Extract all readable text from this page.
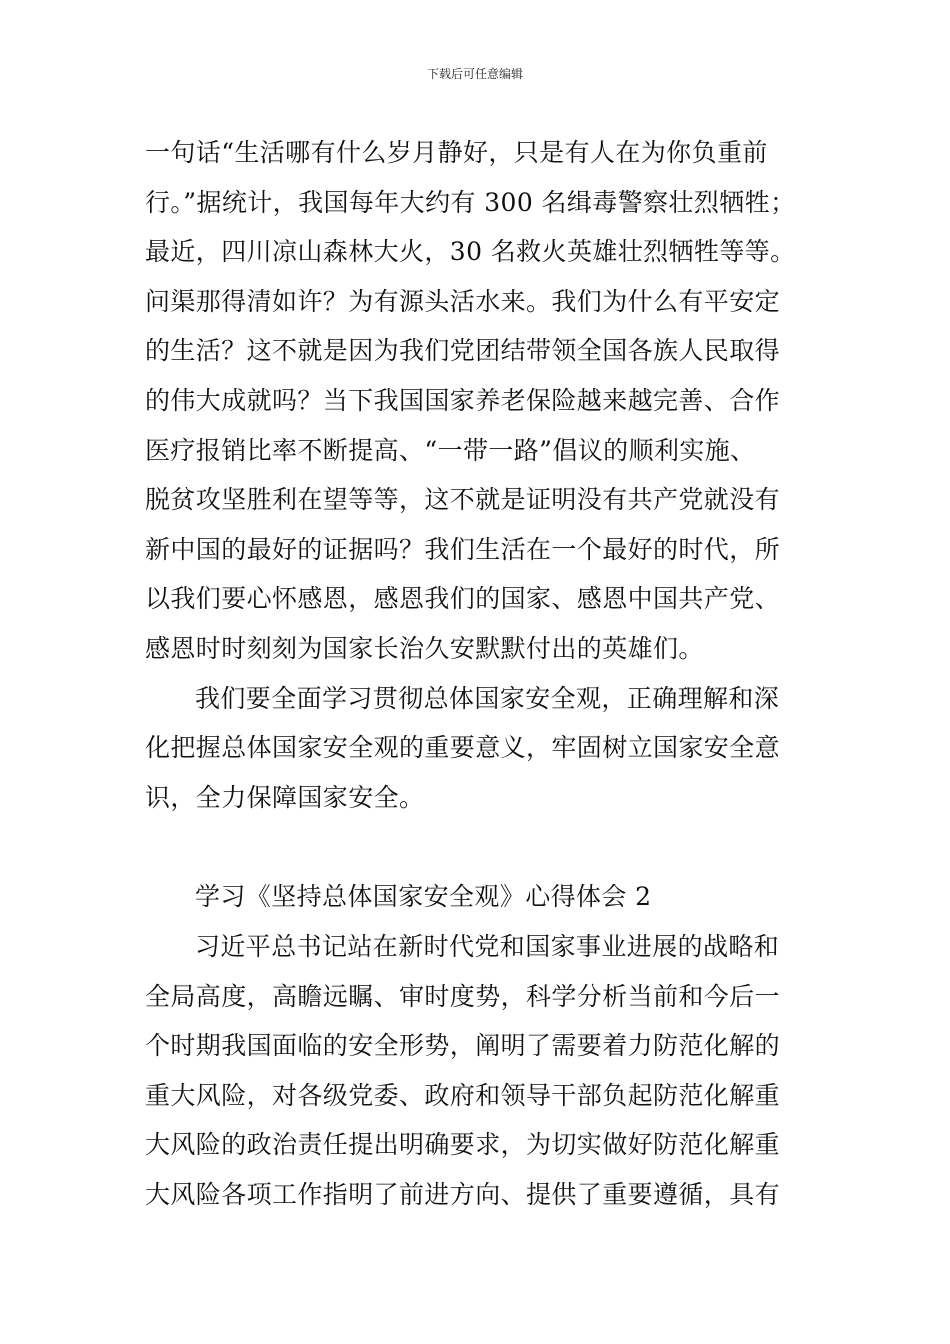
下载后可任意编辑
一句话“生活哪有什么岁月静好，只是有人在为你负重前
行。”据统计，我国每年大约有 300 名缉毒警察壮烈牺牲；
最近，四川凉山森林大火，30 名救火英雄壮烈牺牲等等。
问渠那得清如许？为有源头活水来。我们为什么有平安定
的生活？这不就是因为我们党团结带领全国各族人民取得
的伟大成就吗？当下我国国家养老保险越来越完善、合作
医疗报销比率不断提高、“一带一路”倡议的顺利实施、
脱贫攻坚胜利在望等等，这不就是证明没有共产党就没有
新中国的最好的证据吗？我们生活在一个最好的时代，所
以我们要心怀感恩，感恩我们的国家、感恩中国共产党、
感恩时时刻刻为国家长治久安默默付出的英雄们。
我们要全面学习贯彻总体国家安全观，正确理解和深
化把握总体国家安全观的重要意义，牢固树立国家安全意
识，全力保障国家安全。
学习《坚持总体国家安全观》心得体会 2
习近平总书记站在新时代党和国家事业进展的战略和
全局高度，高瞻远瞩、审时度势，科学分析当前和今后一
个时期我国面临的安全形势，阐明了需要着力防范化解的
重大风险，对各级党委、政府和领导干部负起防范化解重
大风险的政治责任提出明确要求，为切实做好防范化解重
大风险各项工作指明了前进方向、提供了重要遵循，具有
